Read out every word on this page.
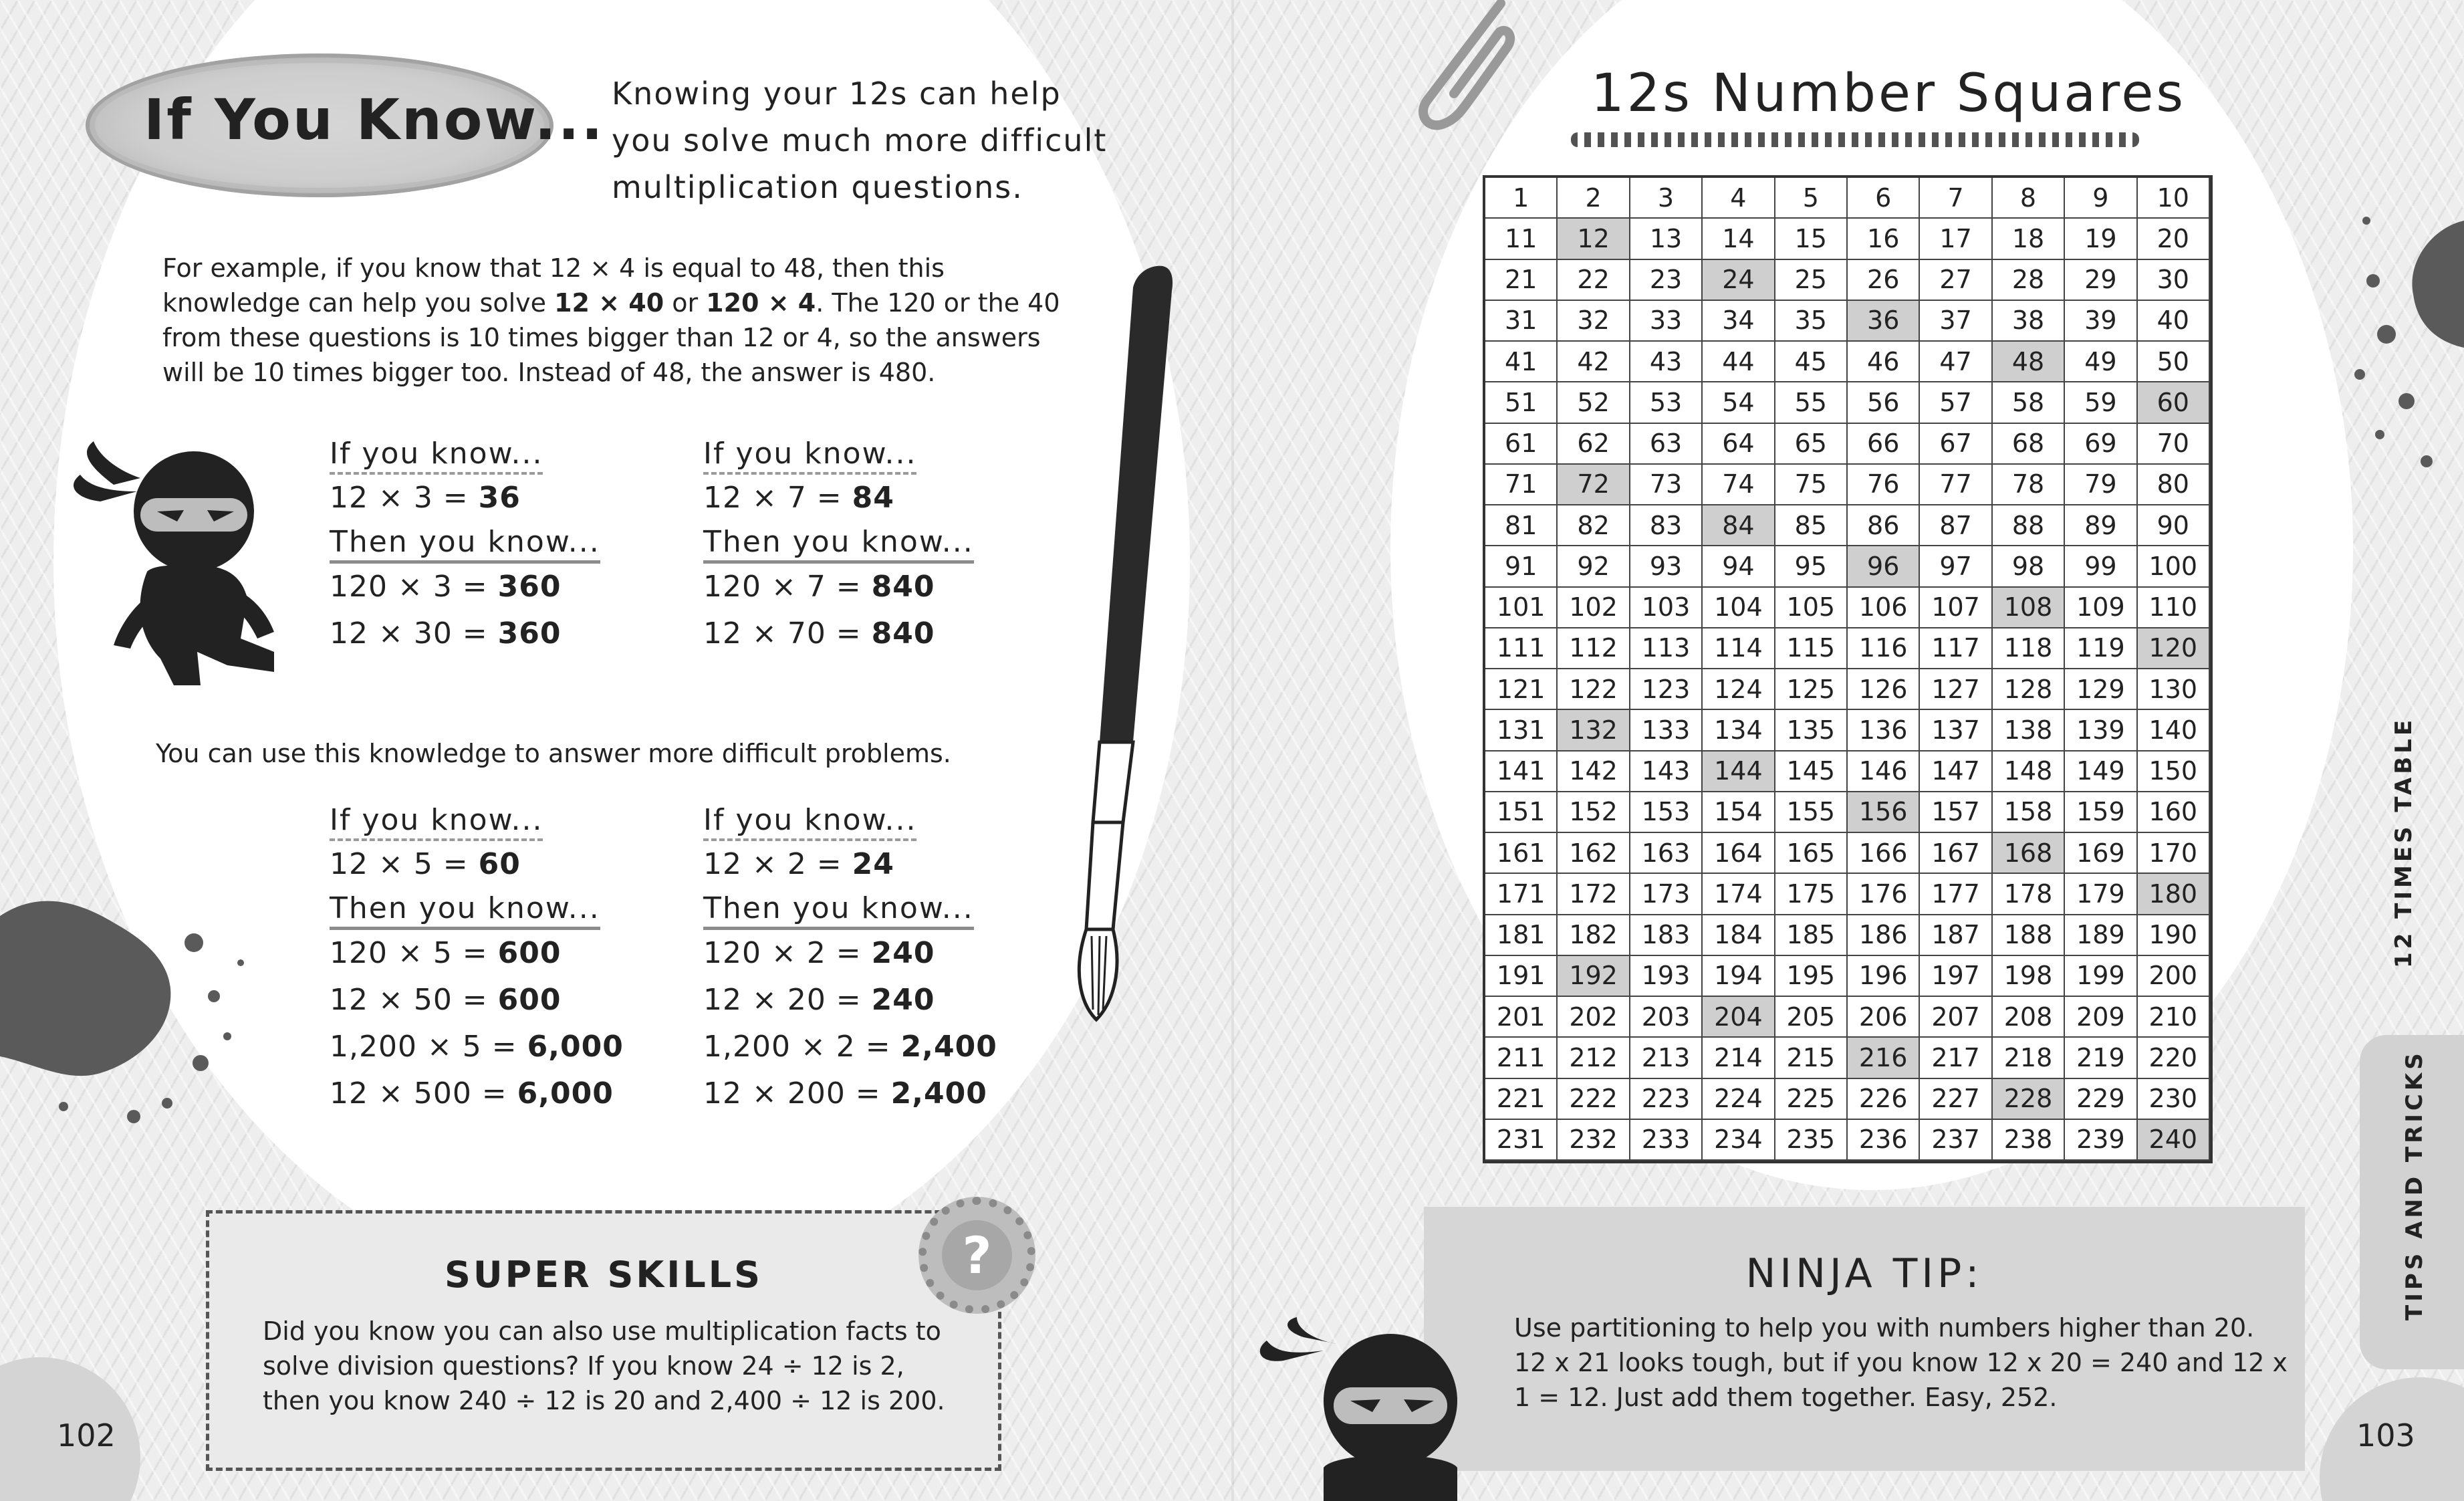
If You Know... Knowing your 12s can help
you solve much more difficult
multiplication questions.
For example, if you know that 12 × 4 is equal to 48, then this knowledge can help you solve 12 × 40 or 120 × 4. The 120 or the 40 from these questions is 10 times bigger than 12 or 4, so the answers will be 10 times bigger too. Instead of 48, the answer is 480.
If you know...
12 × 3 = 36
Then you know...
120 × 3 = 360
12 × 30 = 360
If you know...
12 × 7 = 84
Then you know...
120 × 7 = 840
12 × 70 = 840
You can use this knowledge to answer more difficult problems.
If you know...
12 × 5 = 60
Then you know...
120 × 5 = 600
12 × 50 = 600
1,200 × 5 = 6,000
12 × 500 = 6,000
If you know...
12 × 2 = 24
Then you know...
120 × 2 = 240
12 × 20 = 240
1,200 × 2 = 2,400
12 × 200 = 2,400
SUPER SKILLS
Did you know you can also use multiplication facts to solve division questions? If you know 24 ÷ 12 is 2, then you know 240 ÷ 12 is 20 and 2,400 ÷ 12 is 200.
?
102
12s Number Squares
1	2	3	4	5	6	7	8	9	10
11	12	13	14	15	16	17	18	19	20
21	22	23	24	25	26	27	28	29	30
31	32	33	34	35	36	37	38	39	40
41	42	43	44	45	46	47	48	49	50
51	52	53	54	55	56	57	58	59	60
61	62	63	64	65	66	67	68	69	70
71	72	73	74	75	76	77	78	79	80
81	82	83	84	85	86	87	88	89	90
91	92	93	94	95	96	97	98	99	100
101 102 103 104 105 106 107 108 109 110
111 112 113 114 115 116 117 118 119 120
121 122 123 124 125 126 127 128 129 130
131 132 133 134 135 136 137 138 139 140
141 142 143 144 145 146 147 148 149 150
151 152 153 154 155 156 157 158 159 160
161 162 163 164 165 166 167 168 169 170
171 172 173 174 175 176 177 178 179 180
181 182 183 184 185 186 187 188 189 190
191 192 193 194 195 196 197 198 199 200
201 202 203 204 205 206 207 208 209 210
211 212 213 214 215 216 217 218 219 220
221 222 223 224 225 226 227 228 229 230
231 232 233 234 235 236 237 238 239 240
NINJA TIP:
Use partitioning to help you with numbers higher than 20. 12 x 21 looks tough, but if you know 12 x 20 = 240 and 12 x 1 = 12. Just add them together. Easy, 252.
12 TIMES TABLE
TIPS AND TRICKS
103
